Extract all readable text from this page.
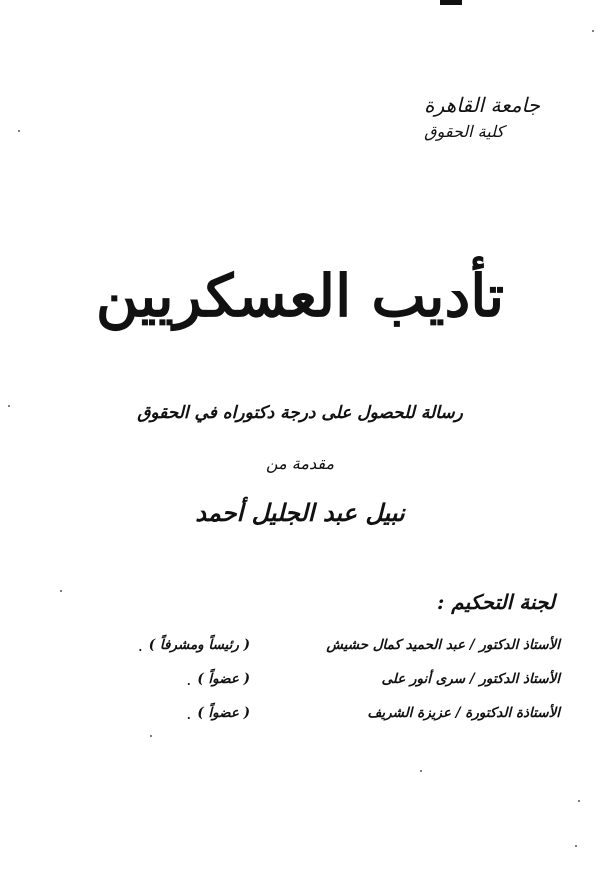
جامعة القاهرة
كلية الحقوق
تأديب العسكريين
رسالة للحصول على درجة دكتوراه في الحقوق
مقدمة من
نبيل عبد الجليل أحمد
لجنة التحكيم :
الأستاذ الدكتور / عبد الحميد كمال حشيش
( رئيساً ومشرفاً )
.
الأستاذ الدكتور / سرى أنور على
( عضواً )
.
الأستاذة الدكتورة / عزيزة الشريف
( عضواً )
.
